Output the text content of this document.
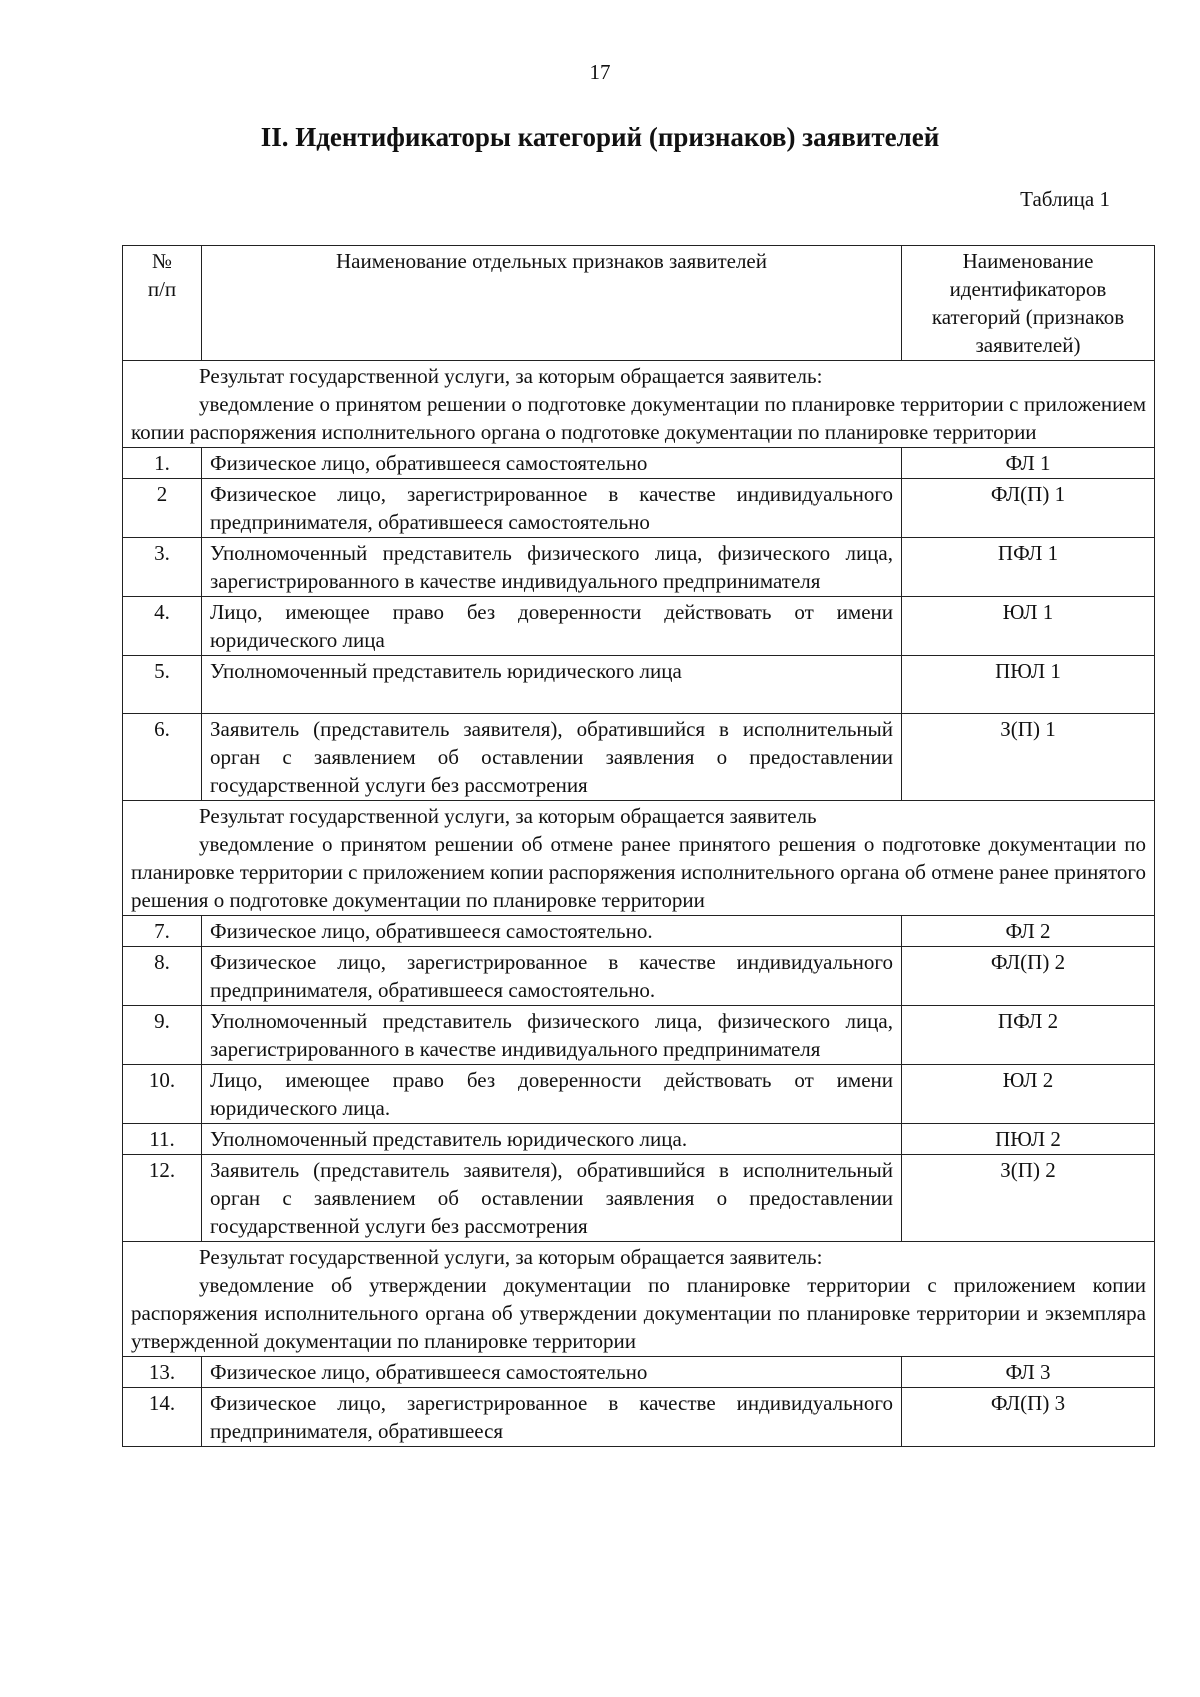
17
II. Идентификаторы категорий (признаков) заявителей
Таблица 1
№
п/п	Наименование отдельных признаков заявителей	Наименование идентификаторов категорий (признаков заявителей)

Результат государственной услуги, за которым обращается заявитель:
уведомление о принятом решении о подготовке документации по планировке территории с приложением копии распоряжения исполнительного органа о подготовке документации по планировке территории		

1.	Физическое лицо, обратившееся самостоятельно	ФЛ 1
2	Физическое лицо, зарегистрированное в качестве индивидуального предпринимателя, обратившееся самостоятельно	ФЛ(П) 1
3.	Уполномоченный представитель физического лица, физического лица, зарегистрированного в качестве индивидуального предпринимателя	ПФЛ 1
4.	Лицо, имеющее право без доверенности действовать от имени юридического лица	ЮЛ 1
5.	Уполномоченный представитель юридического лица	ПЮЛ 1
6.	Заявитель (представитель заявителя), обратившийся в исполнительный орган с заявлением об оставлении заявления о предоставлении государственной услуги без рассмотрения	З(П) 1

Результат государственной услуги, за которым обращается заявитель
уведомление о принятом решении об отмене ранее принятого решения о подготовке документации по планировке территории с приложением копии распоряжения исполнительного органа об отмене ранее принятого решения о подготовке документации по планировке территории		

7.	Физическое лицо, обратившееся самостоятельно.	ФЛ 2
8.	Физическое лицо, зарегистрированное в качестве индивидуального предпринимателя, обратившееся самостоятельно.	ФЛ(П) 2
9.	Уполномоченный представитель физического лица, физического лица, зарегистрированного в качестве индивидуального предпринимателя	ПФЛ 2
10.	Лицо, имеющее право без доверенности действовать от имени юридического лица.	ЮЛ 2
11.	Уполномоченный представитель юридического лица.	ПЮЛ 2
12.	Заявитель (представитель заявителя), обратившийся в исполнительный орган с заявлением об оставлении заявления о предоставлении государственной услуги без рассмотрения	З(П) 2

Результат государственной услуги, за которым обращается заявитель:
уведомление об утверждении документации по планировке территории с приложением копии распоряжения исполнительного органа об утверждении документации по планировке территории и экземпляра утвержденной документации по планировке территории		

13.	Физическое лицо, обратившееся самостоятельно	ФЛ 3
14.	Физическое лицо, зарегистрированное в качестве индивидуального предпринимателя, обратившееся	ФЛ(П) 3
